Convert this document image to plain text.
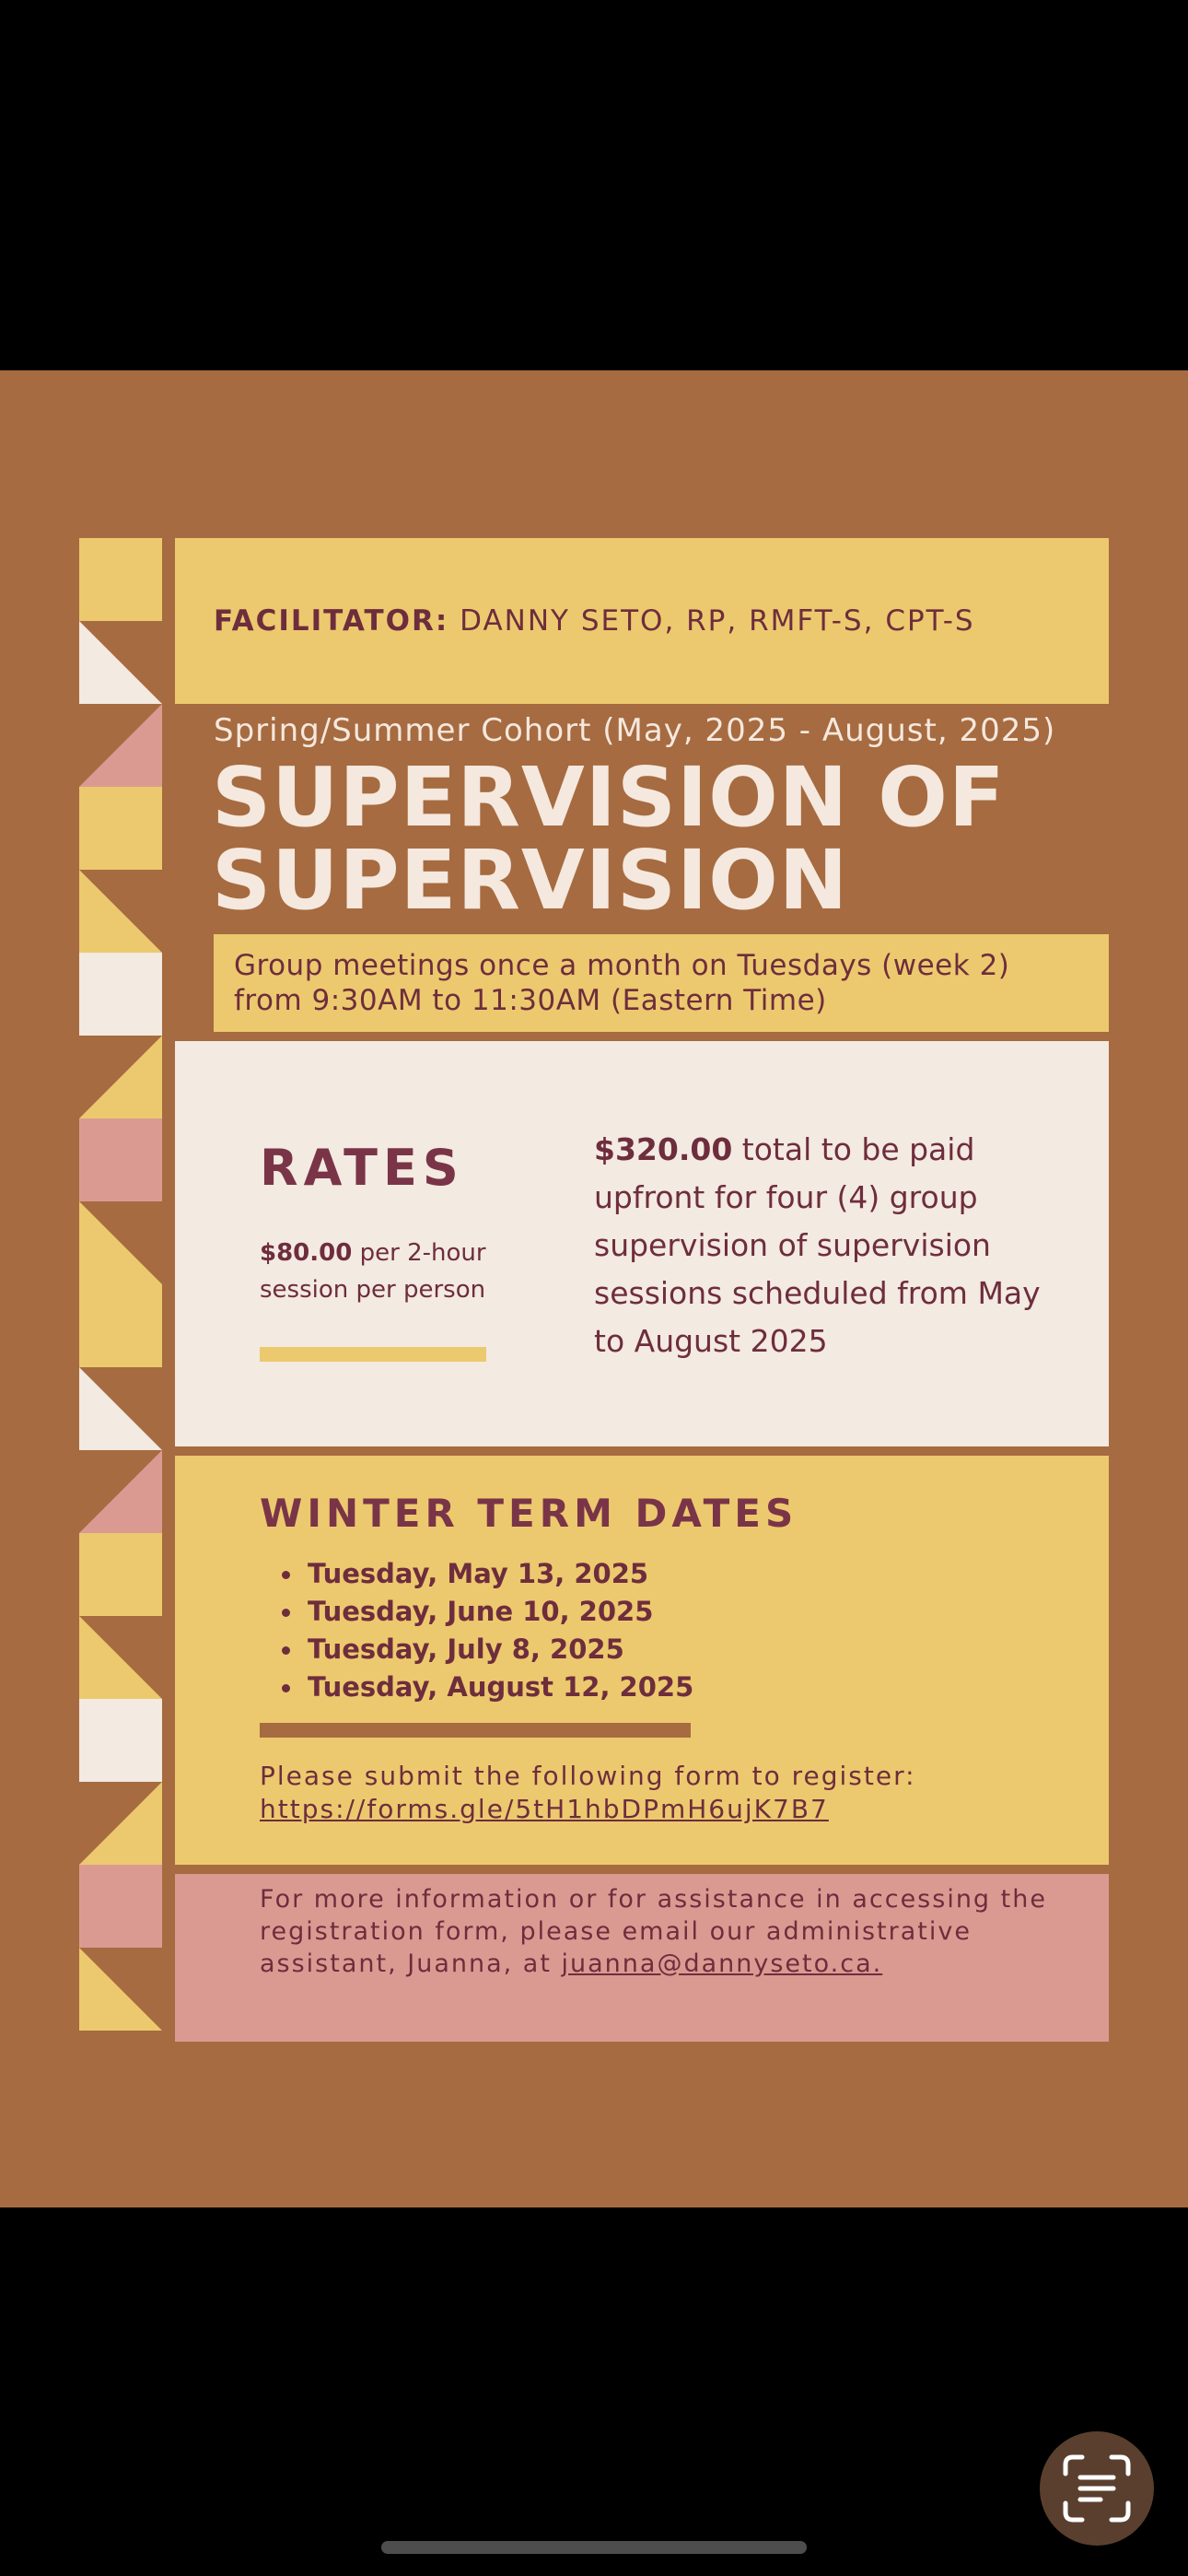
FACILITATOR: DANNY SETO, RP, RMFT-S, CPT-S
Spring/Summer Cohort (May, 2025 - August, 2025)
SUPERVISION OF
SUPERVISION
Group meetings once a month on Tuesdays (week 2)
from 9:30AM to 11:30AM (Eastern Time)
RATES
$80.00 per 2-hour session per person
$320.00 total to be paid upfront for four (4) group supervision of supervision sessions scheduled from May to August 2025
WINTER TERM DATES
Tuesday, May 13, 2025
Tuesday, June 10, 2025
Tuesday, July 8, 2025
Tuesday, August 12, 2025
Please submit the following form to register:
https://forms.gle/5tH1hbDPmH6ujK7B7
For more information or for assistance in accessing the registration form, please email our administrative assistant, Juanna, at juanna@dannyseto.ca.
